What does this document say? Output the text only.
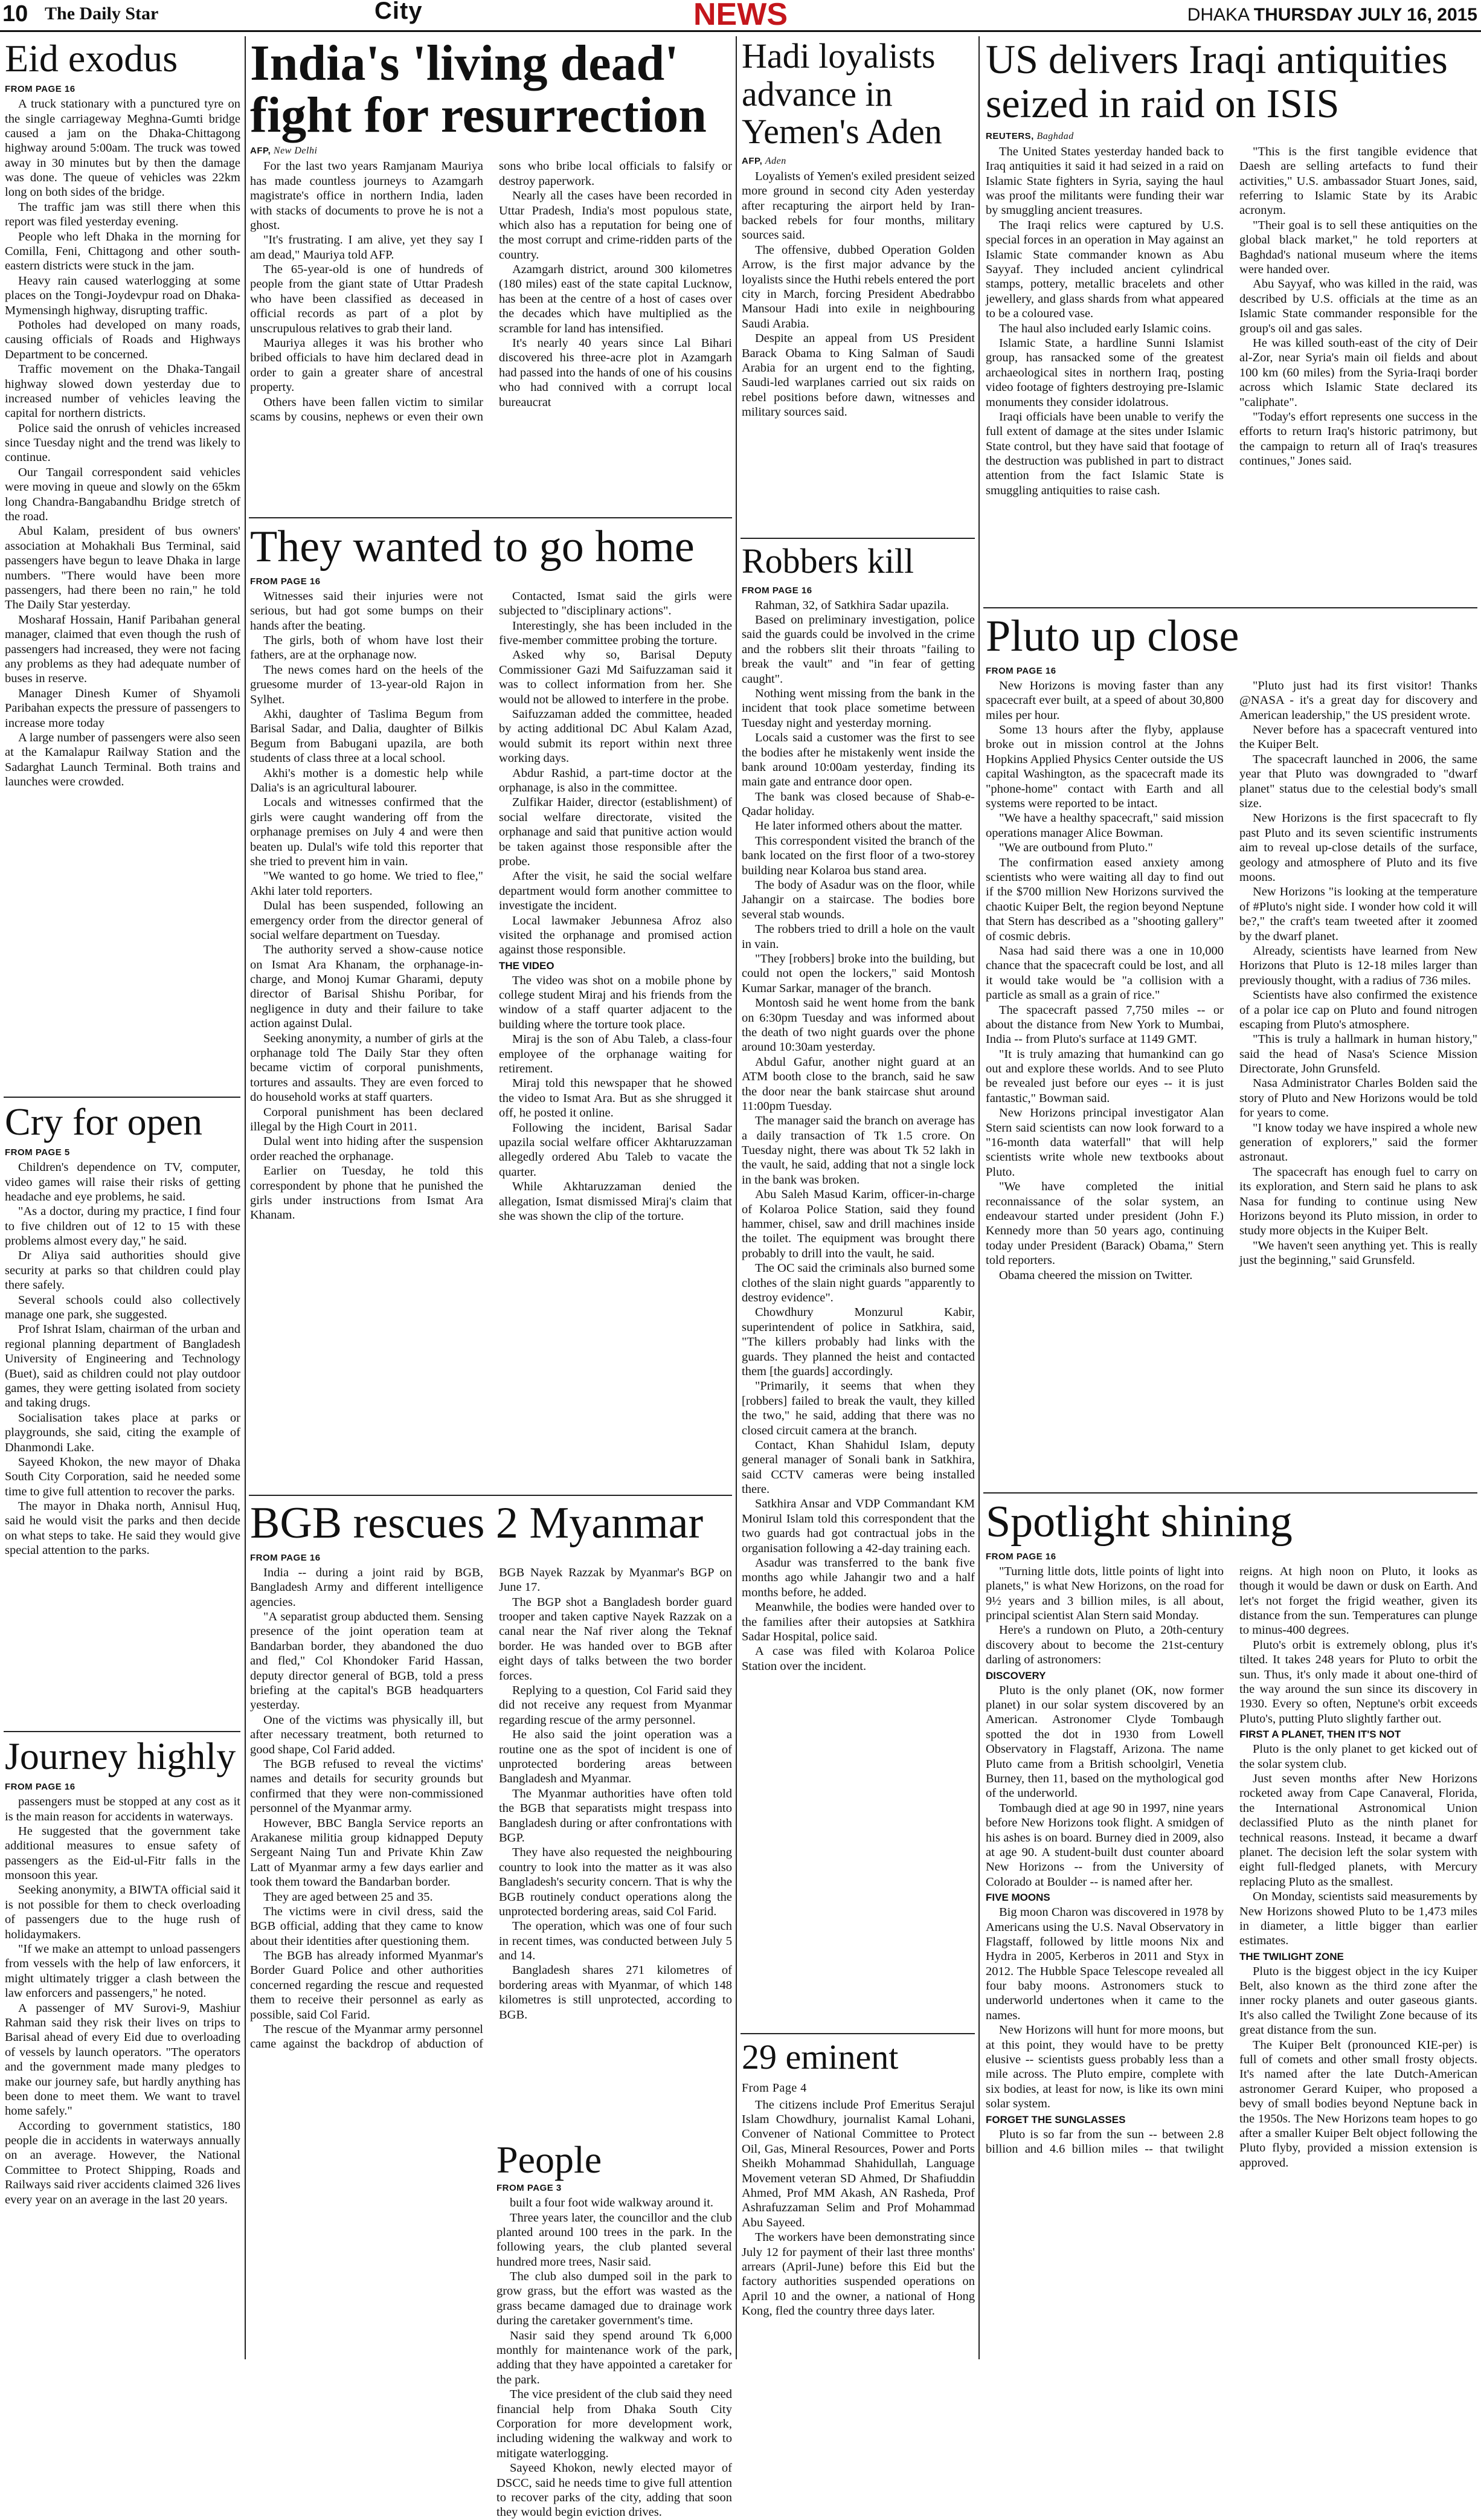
10 The Daily Star	City	NEWS	DHAKA THURSDAY JULY 16, 2015
Eid exodus
FROM PAGE 16

A truck stationary with a punctured tyre on the single carriageway Meghna-Gumti bridge caused a jam on the Dhaka-Chittagong highway around 5:00am. The truck was towed away in 30 minutes but by then the damage was done. The queue of vehicles was 22km long on both sides of the bridge.

The traffic jam was still there when this report was filed yesterday evening.

People who left Dhaka in the morning for Comilla, Feni, Chittagong and other south-eastern districts were stuck in the jam.

Heavy rain caused waterlogging at some places on the Tongi-Joydevpur road on Dhaka-Mymensingh highway, disrupting traffic.

Potholes had developed on many roads, causing officials of Roads and Highways Department to be concerned.

Traffic movement on the Dhaka-Tangail highway slowed down yesterday due to increased number of vehicles leaving the capital for northern districts.

Police said the onrush of vehicles increased since Tuesday night and the trend was likely to continue.

Our Tangail correspondent said vehicles were moving in queue and slowly on the 65km long Chandra-Bangabandhu Bridge stretch of the road.

Abul Kalam, president of bus owners' association at Mohakhali Bus Terminal, said passengers have begun to leave Dhaka in large numbers. "There would have been more passengers, had there been no rain," he told The Daily Star yesterday.

Mosharaf Hossain, Hanif Paribahan general manager, claimed that even though the rush of passengers had increased, they were not facing any problems as they had adequate number of buses in reserve.

Manager Dinesh Kumer of Shyamoli Paribahan expects the pressure of passengers to increase more today

A large number of passengers were also seen at the Kamalapur Railway Station and the Sadarghat Launch Terminal. Both trains and launches were crowded.

Cry for open
FROM PAGE 5

Children's dependence on TV, computer, video games will raise their risks of getting headache and eye problems, he said.

"As a doctor, during my practice, I find four to five children out of 12 to 15 with these problems almost every day," he said.

Dr Aliya said authorities should give security at parks so that children could play there safely.

Several schools could also collectively manage one park, she suggested.

Prof Ishrat Islam, chairman of the urban and regional planning department of Bangladesh University of Engineering and Technology (Buet), said as children could not play outdoor games, they were getting isolated from society and taking drugs.

Socialisation takes place at parks or playgrounds, she said, citing the example of Dhanmondi Lake.

Sayeed Khokon, the new mayor of Dhaka South City Corporation, said he needed some time to give full attention to recover the parks.

The mayor in Dhaka north, Annisul Huq, said he would visit the parks and then decide on what steps to take. He said they would give special attention to the parks.

Journey highly
FROM PAGE 16

passengers must be stopped at any cost as it is the main reason for accidents in waterways.

He suggested that the government take additional measures to ensue safety of passengers as the Eid-ul-Fitr falls in the monsoon this year.

Seeking anonymity, a BIWTA official said it is not possible for them to check overloading of passengers due to the huge rush of holidaymakers.

"If we make an attempt to unload passengers from vessels with the help of law enforcers, it might ultimately trigger a clash between the law enforcers and passengers," he noted.

A passenger of MV Surovi-9, Mashiur Rahman said they risk their lives on trips to Barisal ahead of every Eid due to overloading of vessels by launch operators. "The operators and the government made many pledges to make our journey safe, but hardly anything has been done to meet them. We want to travel home safely."

According to government statistics, 180 people die in accidents in waterways annually on an average. However, the National Committee to Protect Shipping, Roads and Railways said river accidents claimed 326 lives every year on an average in the last 20 years.

India's 'living dead' fight for resurrection
AFP, New Delhi

For the last two years Ramjanam Mauriya has made countless journeys to Azamgarh magistrate's office in northern India, laden with stacks of documents to prove he is not a ghost.

"It's frustrating. I am alive, yet they say I am dead," Mauriya told AFP.

The 65-year-old is one of hundreds of people from the giant state of Uttar Pradesh who have been classified as deceased in official records as part of a plot by unscrupulous relatives to grab their land.

Mauriya alleges it was his brother who bribed officials to have him declared dead in order to gain a greater share of ancestral property.

Others have been fallen victim to similar scams by cousins, nephews or even their own sons who bribe local officials to falsify or destroy paperwork.

Nearly all the cases have been recorded in Uttar Pradesh, India's most populous state, which also has a reputation for being one of the most corrupt and crime-ridden parts of the country.

Azamgarh district, around 300 kilometres (180 miles) east of the state capital Lucknow, has been at the centre of a host of cases over the decades which have multiplied as the scramble for land has intensified.

It's nearly 40 years since Lal Bihari discovered his three-acre plot in Azamgarh had passed into the hands of one of his cousins who had connived with a corrupt local bureaucrat

They wanted to go home
FROM PAGE 16

Witnesses said their injuries were not serious, but had got some bumps on their hands after the beating.

The girls, both of whom have lost their fathers, are at the orphanage now.

The news comes hard on the heels of the gruesome murder of 13-year-old Rajon in Sylhet.

Akhi, daughter of Taslima Begum from Barisal Sadar, and Dalia, daughter of Bilkis Begum from Babugani upazila, are both students of class three at a local school.

Akhi's mother is a domestic help while Dalia's is an agricultural labourer.

Locals and witnesses confirmed that the girls were caught wandering off from the orphanage premises on July 4 and were then beaten up. Dulal's wife told this reporter that she tried to prevent him in vain.

"We wanted to go home. We tried to flee," Akhi later told reporters.

Dulal has been suspended, following an emergency order from the director general of social welfare department on Tuesday.

The authority served a show-cause notice on Ismat Ara Khanam, the orphanage-in-charge, and Monoj Kumar Gharami, deputy director of Barisal Shishu Poribar, for negligence in duty and their failure to take action against Dulal.

Seeking anonymity, a number of girls at the orphanage told The Daily Star they often became victim of corporal punishments, tortures and assaults. They are even forced to do household works at staff quarters.

Corporal punishment has been declared illegal by the High Court in 2011.

Dulal went into hiding after the suspension order reached the orphanage.

Earlier on Tuesday, he told this correspondent by phone that he punished the girls under instructions from Ismat Ara Khanam.

Contacted, Ismat said the girls were subjected to "disciplinary actions".

Interestingly, she has been included in the five-member committee probing the torture.

Asked why so, Barisal Deputy Commissioner Gazi Md Saifuzzaman said it was to collect information from her. She would not be allowed to interfere in the probe.

Saifuzzaman added the committee, headed by acting additional DC Abul Kalam Azad, would submit its report within next three working days.

Abdur Rashid, a part-time doctor at the orphanage, is also in the committee.

Zulfikar Haider, director (establishment) of social welfare directorate, visited the orphanage and said that punitive action would be taken against those responsible after the probe.

After the visit, he said the social welfare department would form another committee to investigate the incident.

Local lawmaker Jebunnesa Afroz also visited the orphanage and promised action against those responsible.

THE VIDEO

The video was shot on a mobile phone by college student Miraj and his friends from the window of a staff quarter adjacent to the building where the torture took place.

Miraj is the son of Abu Taleb, a class-four employee of the orphanage waiting for retirement.

Miraj told this newspaper that he showed the video to Ismat Ara. But as she shrugged it off, he posted it online.

Following the incident, Barisal Sadar upazila social welfare officer Akhtaruzzaman allegedly ordered Abu Taleb to vacate the quarter.

While Akhtaruzzaman denied the allegation, Ismat dismissed Miraj's claim that she was shown the clip of the torture.

BGB rescues 2 Myanmar
FROM PAGE 16

India -- during a joint raid by BGB, Bangladesh Army and different intelligence agencies.

"A separatist group abducted them. Sensing presence of the joint operation team at Bandarban border, they abandoned the duo and fled," Col Khondoker Farid Hassan, deputy director general of BGB, told a press briefing at the capital's BGB headquarters yesterday.

One of the victims was physically ill, but after necessary treatment, both returned to good shape, Col Farid added.

The BGB refused to reveal the victims' names and details for security grounds but confirmed that they were non-commissioned personnel of the Myanmar army.

However, BBC Bangla Service reports an Arakanese militia group kidnapped Deputy Sergeant Naing Tun and Private Khin Zaw Latt of Myanmar army a few days earlier and took them toward the Bandarban border.

They are aged between 25 and 35.

The victims were in civil dress, said the BGB official, adding that they came to know about their identities after questioning them.

The BGB has already informed Myanmar's Border Guard Police and other authorities concerned regarding the rescue and requested them to receive their personnel as early as possible, said Col Farid.

The rescue of the Myanmar army personnel came against the backdrop of abduction of BGB Nayek Razzak by Myanmar's BGP on June 17.

The BGP shot a Bangladesh border guard trooper and taken captive Nayek Razzak on a canal near the Naf river along the Teknaf border. He was handed over to BGB after eight days of talks between the two border forces.

Replying to a question, Col Farid said they did not receive any request from Myanmar regarding rescue of the army personnel.

He also said the joint operation was a routine one as the spot of incident is one of unprotected bordering areas between Bangladesh and Myanmar.

The Myanmar authorities have often told the BGB that separatists might trespass into Bangladesh during or after confrontations with BGP.

They have also requested the neighbouring country to look into the matter as it was also Bangladesh's security concern. That is why the BGB routinely conduct operations along the unprotected bordering areas, said Col Farid.

The operation, which was one of four such in recent times, was conducted between July 5 and 14.

Bangladesh shares 271 kilometres of bordering areas with Myanmar, of which 148 kilometres is still unprotected, according to BGB.

People
FROM PAGE 3

built a four foot wide walkway around it.

Three years later, the councillor and the club planted around 100 trees in the park. In the following years, the club planted several hundred more trees, Nasir said.

The club also dumped soil in the park to grow grass, but the effort was wasted as the grass became damaged due to drainage work during the caretaker government's time.

Nasir said they spend around Tk 6,000 monthly for maintenance work of the park, adding that they have appointed a caretaker for the park.

The vice president of the club said they need financial help from Dhaka South City Corporation for more development work, including widening the walkway and work to mitigate waterlogging.

Sayeed Khokon, newly elected mayor of DSCC, said he needs time to give full attention to recover parks of the city, adding that soon they would begin eviction drives.

Hadi loyalists advance in Yemen's Aden
AFP, Aden

Loyalists of Yemen's exiled president seized more ground in second city Aden yesterday after recapturing the airport held by Iran-backed rebels for four months, military sources said.

The offensive, dubbed Operation Golden Arrow, is the first major advance by the loyalists since the Huthi rebels entered the port city in March, forcing President Abedrabbo Mansour Hadi into exile in neighbouring Saudi Arabia.

Despite an appeal from US President Barack Obama to King Salman of Saudi Arabia for an urgent end to the fighting, Saudi-led warplanes carried out six raids on rebel positions before dawn, witnesses and military sources said.

Robbers kill
FROM PAGE 16

Rahman, 32, of Satkhira Sadar upazila.

Based on preliminary investigation, police said the guards could be involved in the crime and the robbers slit their throats "failing to break the vault" and "in fear of getting caught".

Nothing went missing from the bank in the incident that took place sometime between Tuesday night and yesterday morning.

Locals said a customer was the first to see the bodies after he mistakenly went inside the bank around 10:00am yesterday, finding its main gate and entrance door open.

The bank was closed because of Shab-e-Qadar holiday.

He later informed others about the matter.

This correspondent visited the branch of the bank located on the first floor of a two-storey building near Kolaroa bus stand area.

The body of Asadur was on the floor, while Jahangir on a staircase. The bodies bore several stab wounds.

The robbers tried to drill a hole on the vault in vain.

"They [robbers] broke into the building, but could not open the lockers," said Montosh Kumar Sarkar, manager of the branch.

Montosh said he went home from the bank on 6:30pm Tuesday and was informed about the death of two night guards over the phone around 10:30am yesterday.

Abdul Gafur, another night guard at an ATM booth close to the branch, said he saw the door near the bank staircase shut around 11:00pm Tuesday.

The manager said the branch on average has a daily transaction of Tk 1.5 crore. On Tuesday night, there was about Tk 52 lakh in the vault, he said, adding that not a single lock in the bank was broken.

Abu Saleh Masud Karim, officer-in-charge of Kolaroa Police Station, said they found hammer, chisel, saw and drill machines inside the toilet. The equipment was brought there probably to drill into the vault, he said.

The OC said the criminals also burned some clothes of the slain night guards "apparently to destroy evidence".

Chowdhury Monzurul Kabir, superintendent of police in Satkhira, said, "The killers probably had links with the guards. They planned the heist and contacted them [the guards] accordingly.

"Primarily, it seems that when they [robbers] failed to break the vault, they killed the two," he said, adding that there was no closed circuit camera at the branch.

Contact, Khan Shahidul Islam, deputy general manager of Sonali bank in Satkhira, said CCTV cameras were being installed there.

Satkhira Ansar and VDP Commandant KM Monirul Islam told this correspondent that the two guards had got contractual jobs in the organisation following a 42-day training each.

Asadur was transferred to the bank five months ago while Jahangir two and a half months before, he added.

Meanwhile, the bodies were handed over to the families after their autopsies at Satkhira Sadar Hospital, police said.

A case was filed with Kolaroa Police Station over the incident.

29 eminent
From Page 4

The citizens include Prof Emeritus Serajul Islam Chowdhury, journalist Kamal Lohani, Convener of National Committee to Protect Oil, Gas, Mineral Resources, Power and Ports Sheikh Mohammad Shahidullah, Language Movement veteran SD Ahmed, Dr Shafiuddin Ahmed, Prof MM Akash, AN Rasheda, Prof Ashrafuzzaman Selim and Prof Mohammad Abu Sayeed.

The workers have been demonstrating since July 12 for payment of their last three months' arrears (April-June) before this Eid but the factory authorities suspended operations on April 10 and the owner, a national of Hong Kong, fled the country three days later.

US delivers Iraqi antiquities seized in raid on ISIS
REUTERS, Baghdad

The United States yesterday handed back to Iraq antiquities it said it had seized in a raid on Islamic State fighters in Syria, saying the haul was proof the militants were funding their war by smuggling ancient treasures.

The Iraqi relics were captured by U.S. special forces in an operation in May against an Islamic State commander known as Abu Sayyaf. They included ancient cylindrical stamps, pottery, metallic bracelets and other jewellery, and glass shards from what appeared to be a coloured vase.

The haul also included early Islamic coins.

Islamic State, a hardline Sunni Islamist group, has ransacked some of the greatest archaeological sites in northern Iraq, posting video footage of fighters destroying pre-Islamic monuments they consider idolatrous.

Iraqi officials have been unable to verify the full extent of damage at the sites under Islamic State control, but they have said that footage of the destruction was published in part to distract attention from the fact Islamic State is smuggling antiquities to raise cash.

"This is the first tangible evidence that Daesh are selling artefacts to fund their activities," U.S. ambassador Stuart Jones, said, referring to Islamic State by its Arabic acronym.

"Their goal is to sell these antiquities on the global black market," he told reporters at Baghdad's national museum where the items were handed over.

Abu Sayyaf, who was killed in the raid, was described by U.S. officials at the time as an Islamic State commander responsible for the group's oil and gas sales.

He was killed south-east of the city of Deir al-Zor, near Syria's main oil fields and about 100 km (60 miles) from the Syria-Iraqi border across which Islamic State declared its "caliphate".

"Today's effort represents one success in the efforts to return Iraq's historic patrimony, but the campaign to return all of Iraq's treasures continues," Jones said.

Pluto up close
FROM PAGE 16

New Horizons is moving faster than any spacecraft ever built, at a speed of about 30,800 miles per hour.

Some 13 hours after the flyby, applause broke out in mission control at the Johns Hopkins Applied Physics Center outside the US capital Washington, as the spacecraft made its "phone-home" contact with Earth and all systems were reported to be intact.

"We have a healthy spacecraft," said mission operations manager Alice Bowman.

"We are outbound from Pluto."

The confirmation eased anxiety among scientists who were waiting all day to find out if the $700 million New Horizons survived the chaotic Kuiper Belt, the region beyond Neptune that Stern has described as a "shooting gallery" of cosmic debris.

Nasa had said there was a one in 10,000 chance that the spacecraft could be lost, and all it would take would be "a collision with a particle as small as a grain of rice."

The spacecraft passed 7,750 miles -- or about the distance from New York to Mumbai, India -- from Pluto's surface at 1149 GMT.

"It is truly amazing that humankind can go out and explore these worlds. And to see Pluto be revealed just before our eyes -- it is just fantastic," Bowman said.

New Horizons principal investigator Alan Stern said scientists can now look forward to a "16-month data waterfall" that will help scientists write whole new textbooks about Pluto.

"We have completed the initial reconnaissance of the solar system, an endeavour started under president (John F.) Kennedy more than 50 years ago, continuing today under President (Barack) Obama," Stern told reporters.

Obama cheered the mission on Twitter.

"Pluto just had its first visitor! Thanks @NASA - it's a great day for discovery and American leadership," the US president wrote.

Never before has a spacecraft ventured into the Kuiper Belt.

The spacecraft launched in 2006, the same year that Pluto was downgraded to "dwarf planet" status due to the celestial body's small size.

New Horizons is the first spacecraft to fly past Pluto and its seven scientific instruments aim to reveal up-close details of the surface, geology and atmosphere of Pluto and its five moons.

New Horizons "is looking at the temperature of #Pluto's night side. I wonder how cold it will be?," the craft's team tweeted after it zoomed by the dwarf planet.

Already, scientists have learned from New Horizons that Pluto is 12-18 miles larger than previously thought, with a radius of 736 miles.

Scientists have also confirmed the existence of a polar ice cap on Pluto and found nitrogen escaping from Pluto's atmosphere.

"This is truly a hallmark in human history," said the head of Nasa's Science Mission Directorate, John Grunsfeld.

Nasa Administrator Charles Bolden said the story of Pluto and New Horizons would be told for years to come.

"I know today we have inspired a whole new generation of explorers," said the former astronaut.

The spacecraft has enough fuel to carry on its exploration, and Stern said he plans to ask Nasa for funding to continue using New Horizons beyond its Pluto mission, in order to study more objects in the Kuiper Belt.

"We haven't seen anything yet. This is really just the beginning," said Grunsfeld.

Spotlight shining
FROM PAGE 16

"Turning little dots, little points of light into planets," is what New Horizons, on the road for 9½ years and 3 billion miles, is all about, principal scientist Alan Stern said Monday.

Here's a rundown on Pluto, a 20th-century discovery about to become the 21st-century darling of astronomers:

DISCOVERY

Pluto is the only planet (OK, now former planet) in our solar system discovered by an American. Astronomer Clyde Tombaugh spotted the dot in 1930 from Lowell Observatory in Flagstaff, Arizona. The name Pluto came from a British schoolgirl, Venetia Burney, then 11, based on the mythological god of the underworld.

Tombaugh died at age 90 in 1997, nine years before New Horizons took flight. A smidgen of his ashes is on board. Burney died in 2009, also at age 90. A student-built dust counter aboard New Horizons -- from the University of Colorado at Boulder -- is named after her.

FIVE MOONS

Big moon Charon was discovered in 1978 by Americans using the U.S. Naval Observatory in Flagstaff, followed by little moons Nix and Hydra in 2005, Kerberos in 2011 and Styx in 2012. The Hubble Space Telescope revealed all four baby moons. Astronomers stuck to underworld undertones when it came to the names.

New Horizons will hunt for more moons, but at this point, they would have to be pretty elusive -- scientists guess probably less than a mile across. The Pluto empire, complete with six bodies, at least for now, is like its own mini solar system.

FORGET THE SUNGLASSES

Pluto is so far from the sun -- between 2.8 billion and 4.6 billion miles -- that twilight reigns. At high noon on Pluto, it looks as though it would be dawn or dusk on Earth. And let's not forget the frigid weather, given its distance from the sun. Temperatures can plunge to minus-400 degrees.

Pluto's orbit is extremely oblong, plus it's tilted. It takes 248 years for Pluto to orbit the sun. Thus, it's only made it about one-third of the way around the sun since its discovery in 1930. Every so often, Neptune's orbit exceeds Pluto's, putting Pluto slightly farther out.

FIRST A PLANET, THEN IT'S NOT

Pluto is the only planet to get kicked out of the solar system club.

Just seven months after New Horizons rocketed away from Cape Canaveral, Florida, the International Astronomical Union declassified Pluto as the ninth planet for technical reasons. Instead, it became a dwarf planet. The decision left the solar system with eight full-fledged planets, with Mercury replacing Pluto as the smallest.

On Monday, scientists said measurements by New Horizons showed Pluto to be 1,473 miles in diameter, a little bigger than earlier estimates.

THE TWILIGHT ZONE

Pluto is the biggest object in the icy Kuiper Belt, also known as the third zone after the inner rocky planets and outer gaseous giants. It's also called the Twilight Zone because of its great distance from the sun.

The Kuiper Belt (pronounced KIE-per) is full of comets and other small frosty objects. It's named after the late Dutch-American astronomer Gerard Kuiper, who proposed a bevy of small bodies beyond Neptune back in the 1950s. The New Horizons team hopes to go after a smaller Kuiper Belt object following the Pluto flyby, provided a mission extension is approved.
